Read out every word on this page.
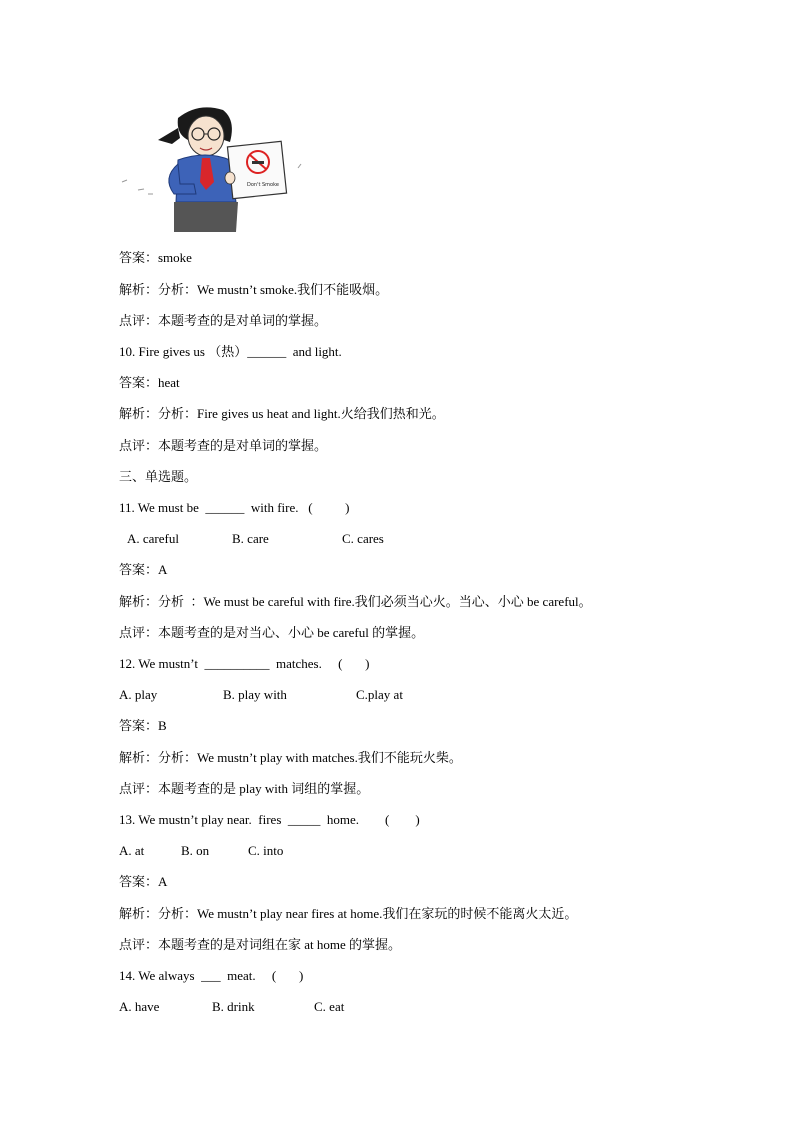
Don't Smoke
答案：smoke
解析：分析：We mustn’t smoke.我们不能吸烟。
点评：本题考查的是对单词的掌握。
10. Fire gives us （热）______  and light.
答案：heat
解析：分析：Fire gives us heat and light.火给我们热和光。
点评：本题考查的是对单词的掌握。
三、单选题。
11. We must be  ______  with fire.   (          )
A. careful	B. care	C. cares
答案：A
解析：分析  ：We must be careful with fire.我们必须当心火。当心、小心 be careful。
点评：本题考查的是对当心、小心 be careful 的掌握。
12. We mustn’t  __________  matches.     (       )
A. play	B. play with	C.play at
答案：B
解析：分析：We mustn’t play with matches.我们不能玩火柴。
点评：本题考查的是 play with 词组的掌握。
13. We mustn’t play near.  fires  _____  home.        (        )
A. at	B. on	C. into
答案：A
解析：分析：We mustn’t play near fires at home.我们在家玩的时候不能离火太近。
点评：本题考查的是对词组在家 at home 的掌握。
14. We always  ___  meat.     (       )
A. have	B. drink	C. eat
